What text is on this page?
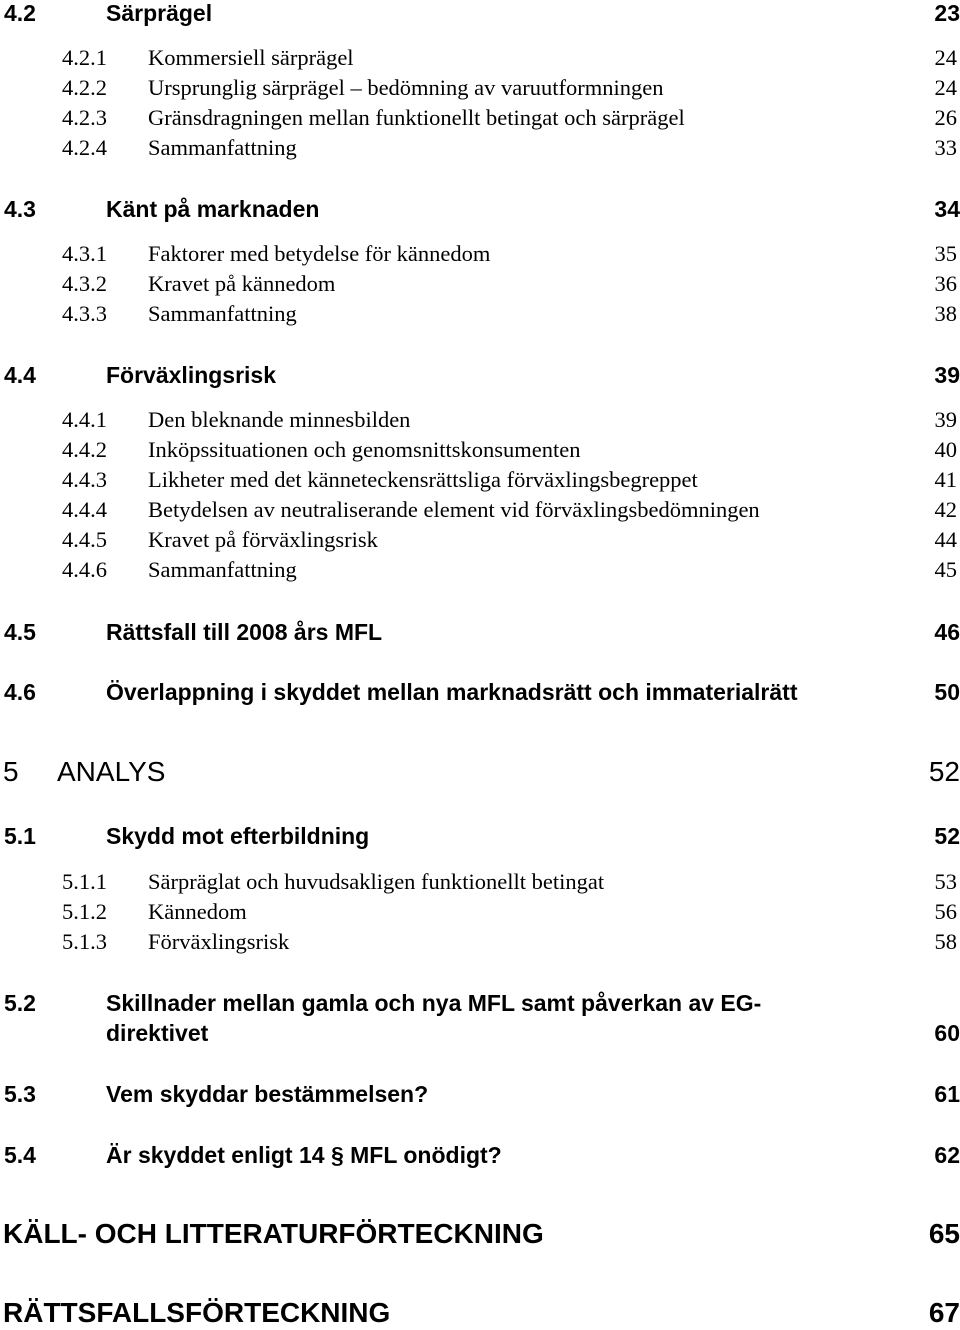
4.2	Särprägel	23
4.2.1 Kommersiell särprägel	24
4.2.2 Ursprunglig särprägel – bedömning av varuutformningen	24
4.2.3 Gränsdragningen mellan funktionellt betingat och särprägel	26
4.2.4 Sammanfattning	33
4.3	Känt på marknaden	34
4.3.1 Faktorer med betydelse för kännedom	35
4.3.2 Kravet på kännedom	36
4.3.3 Sammanfattning	38
4.4	Förväxlingsrisk	39
4.4.1 Den bleknande minnesbilden	39
4.4.2 Inköpssituationen och genomsnittskonsumenten	40
4.4.3 Likheter med det känneteckensrättsliga förväxlingsbegreppet	41
4.4.4 Betydelsen av neutraliserande element vid förväxlingsbedömningen	42
4.4.5 Kravet på förväxlingsrisk	44
4.4.6 Sammanfattning	45
4.5	Rättsfall till 2008 års MFL	46
4.6	Överlappning i skyddet mellan marknadsrätt och immaterialrätt	50
5 ANALYS	52
5.1	Skydd mot efterbildning	52
5.1.1 Särpräglat och huvudsakligen funktionellt betingat	53
5.1.2 Kännedom	56
5.1.3 Förväxlingsrisk	58
5.2	Skillnader mellan gamla och nya MFL samt påverkan av EG-
direktivet	60
5.3	Vem skyddar bestämmelsen?	61
5.4	Är skyddet enligt 14 § MFL onödigt?	62
KÄLL- OCH LITTERATURFÖRTECKNING	65
RÄTTSFALLSFÖRTECKNING	67
